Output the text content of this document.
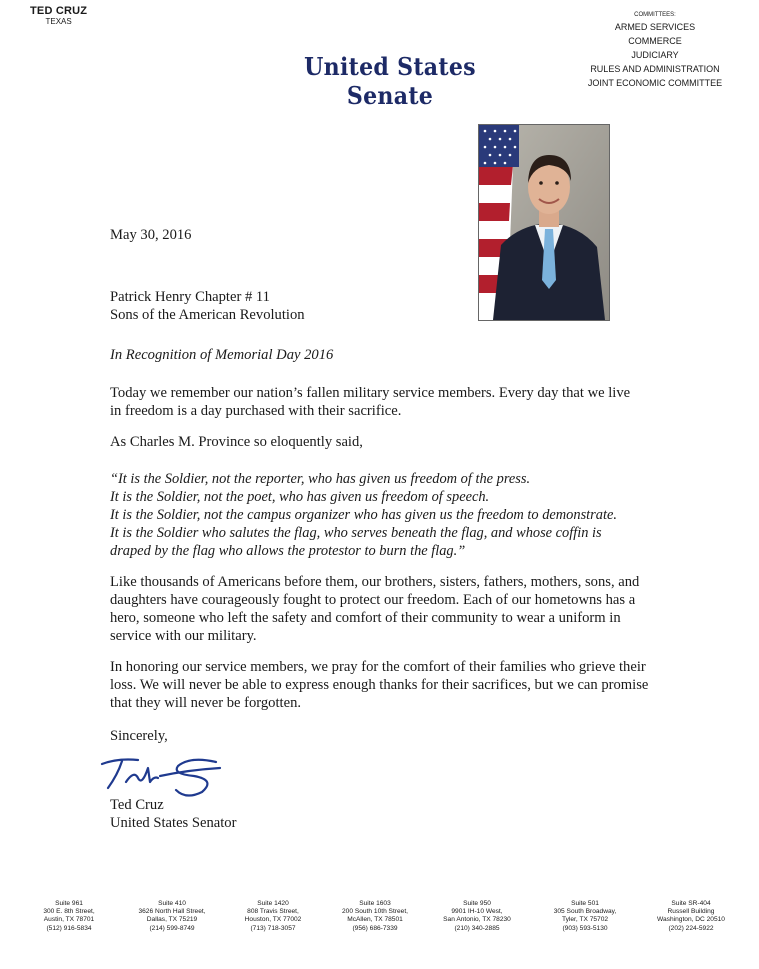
TED CRUZ
TEXAS
United States Senate
COMMITTEES:
ARMED SERVICES
COMMERCE
JUDICIARY
RULES AND ADMINISTRATION
JOINT ECONOMIC COMMITTEE
May 30, 2016

Patrick Henry Chapter # 11

Sons of the American Revolution

In Recognition of Memorial Day 2016
Today we remember our nation’s fallen military service members. Every day that we live in freedom is a day purchased with their sacrifice.
As Charles M. Province so eloquently said,

“It is the Soldier, not the reporter, who has given us freedom of the press.

It is the Soldier, not the poet, who has given us freedom of speech.

It is the Soldier, not the campus organizer who has given us the freedom to demonstrate.

It is the Soldier who salutes the flag, who serves beneath the flag, and whose coffin is

draped by the flag who allows the protestor to burn the flag.”

Like thousands of Americans before them, our brothers, sisters, fathers, mothers, sons, and daughters have courageously fought to protect our freedom. Each of our hometowns has a hero, someone who left the safety and comfort of their community to wear a uniform in service with our military.
In honoring our service members, we pray for the comfort of their families who grieve their loss. We will never be able to express enough thanks for their sacrifices, but we can promise that they will never be forgotten.
Sincerely,

Ted Cruz

United States Senator

Suite 961
300 E. 8th Street,
Austin, TX 78701
(512) 916-5834
Suite 410
3626 North Hall Street,
Dallas, TX 75219
(214) 599-8749
Suite 1420
808 Travis Street,
Houston, TX 77002
(713) 718-3057
Suite 1603
200 South 10th Street,
McAllen, TX 78501
(956) 686-7339
Suite 950
9901 IH-10 West,
San Antonio, TX 78230
(210) 340-2885
Suite 501
305 South Broadway,
Tyler, TX 75702
(903) 593-5130
Suite SR-404
Russell Building
Washington, DC 20510
(202) 224-5922
